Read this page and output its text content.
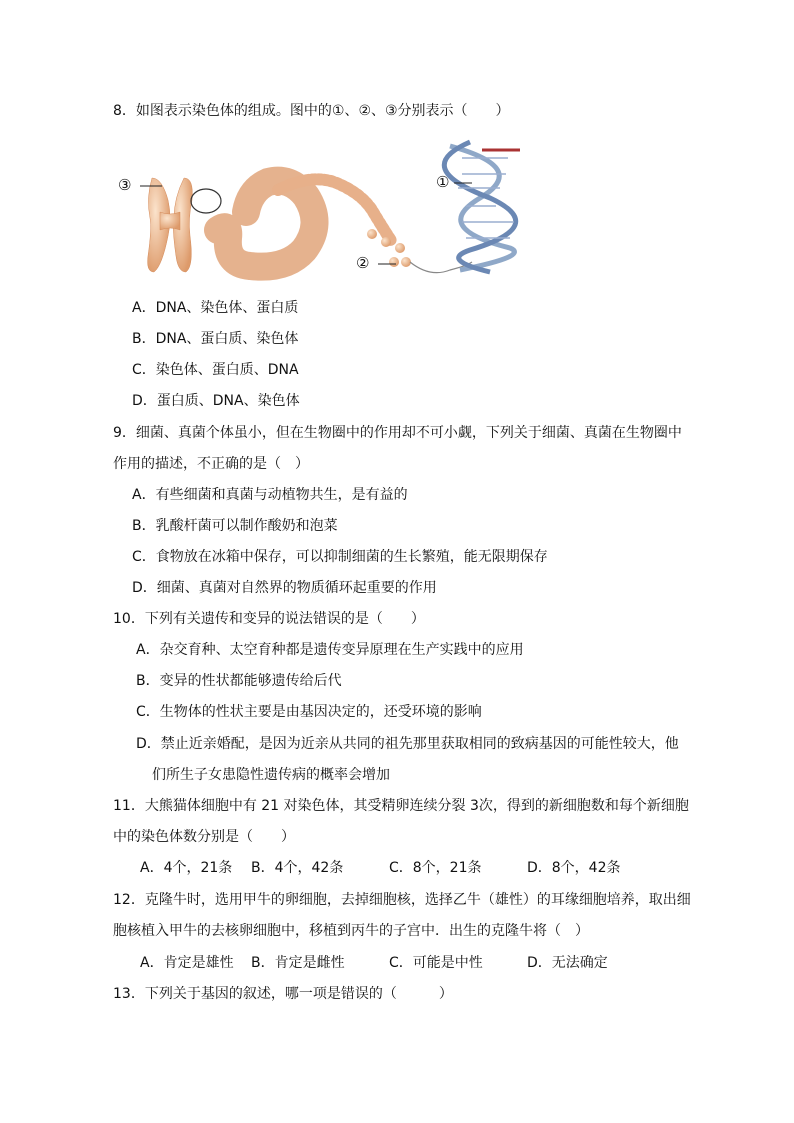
8．如图表示染色体的组成。图中的①、②、③分别表示（　　）
③	①
②
A．DNA、染色体、蛋白质
B．DNA、蛋白质、染色体
C．染色体、蛋白质、DNA
D．蛋白质、DNA、染色体
9．细菌、真菌个体虽小，但在生物圈中的作用却不可小觑，下列关于细菌、真菌在生物圈中
作用的描述，不正确的是（　）
A．有些细菌和真菌与动植物共生，是有益的
B．乳酸杆菌可以制作酸奶和泡菜
C．食物放在冰箱中保存，可以抑制细菌的生长繁殖，能无限期保存
D．细菌、真菌对自然界的物质循环起重要的作用
10．下列有关遗传和变异的说法错误的是（　　）
A．杂交育种、太空育种都是遗传变异原理在生产实践中的应用
B．变异的性状都能够遗传给后代
C．生物体的性状主要是由基因决定的，还受环境的影响
D．禁止近亲婚配，是因为近亲从共同的祖先那里获取相同的致病基因的可能性较大，他
们所生子女患隐性遗传病的概率会增加
11．大熊猫体细胞中有 21 对染色体，其受精卵连续分裂 3次，得到的新细胞数和每个新细胞
中的染色体数分别是（　　）
A．4个，21条 B．4个，42条	C．8个，21条	D．8个，42条
12．克隆牛时，选用甲牛的卵细胞，去掉细胞核，选择乙牛（雄性）的耳缘细胞培养，取出细
胞核植入甲牛的去核卵细胞中，移植到丙牛的子宫中．出生的克隆牛将（　）
A．肯定是雄性 B．肯定是雌性	C．可能是中性	D．无法确定
13．下列关于基因的叙述，哪一项是错误的（　　　）
